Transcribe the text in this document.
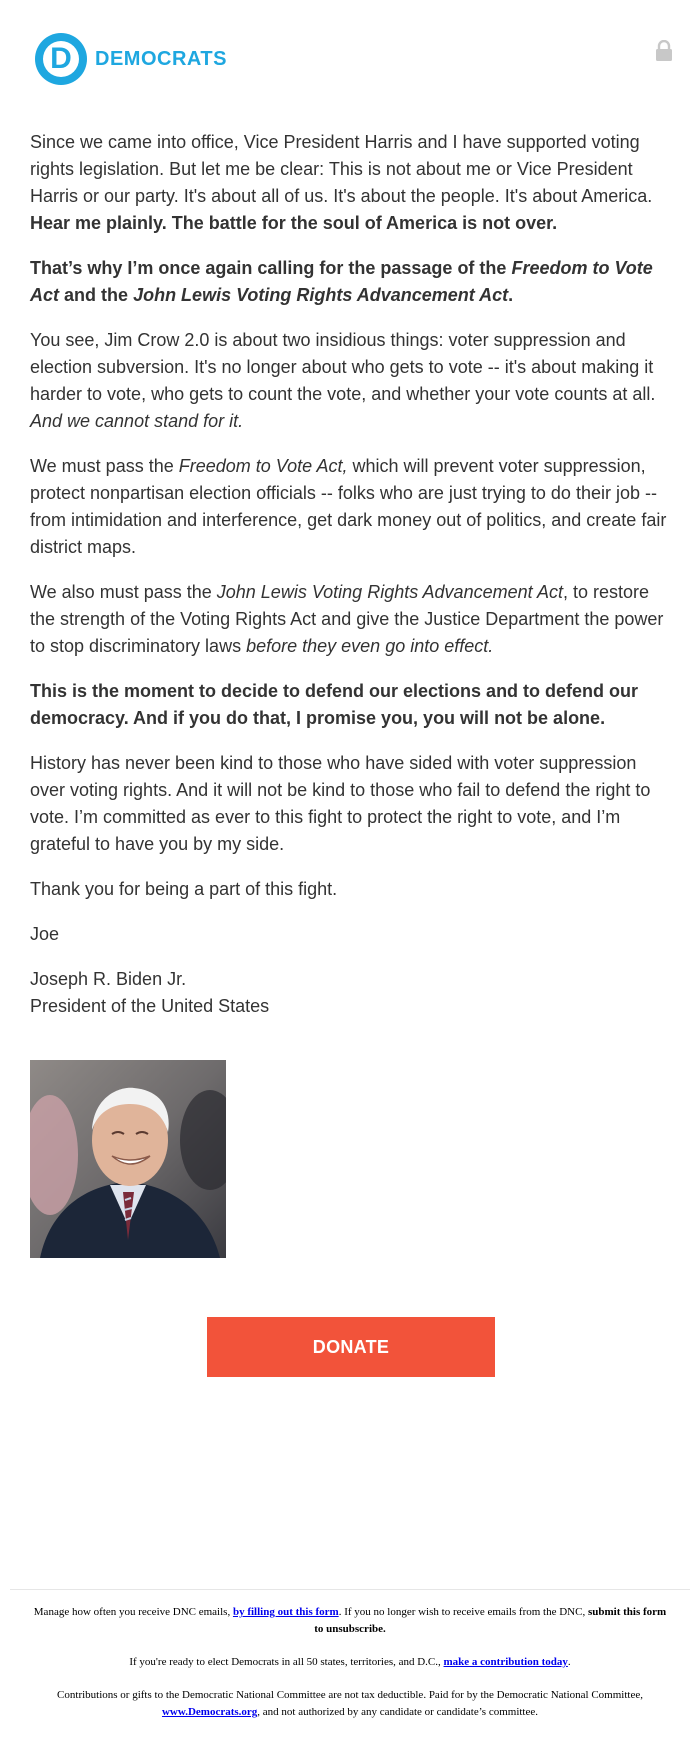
D	DEMOCRATS

Since we came into office, Vice President Harris and I have supported voting rights legislation. But let me be clear: This is not about me or Vice President Harris or our party. It's about all of us. It's about the people. It's about America. Hear me plainly. The battle for the soul of America is not over.

That’s why I’m once again calling for the passage of the Freedom to Vote Act and the John Lewis Voting Rights Advancement Act.

You see, Jim Crow 2.0 is about two insidious things: voter suppression and election subversion. It's no longer about who gets to vote -- it's about making it harder to vote, who gets to count the vote, and whether your vote counts at all. And we cannot stand for it.

We must pass the Freedom to Vote Act, which will prevent voter suppression, protect nonpartisan election officials -- folks who are just trying to do their job -- from intimidation and interference, get dark money out of politics, and create fair district maps.

We also must pass the John Lewis Voting Rights Advancement Act, to restore the strength of the Voting Rights Act and give the Justice Department the power to stop discriminatory laws before they even go into effect.

This is the moment to decide to defend our elections and to defend our democracy. And if you do that, I promise you, you will not be alone.

History has never been kind to those who have sided with voter suppression over voting rights. And it will not be kind to those who fail to defend the right to vote. I’m committed as ever to this fight to protect the right to vote, and I’m grateful to have you by my side.

Thank you for being a part of this fight.

Joe

Joseph R. Biden Jr.
President of the United States

DONATE

Manage how often you receive DNC emails, by filling out this form. If you no longer wish to receive emails from the DNC, submit this form to unsubscribe.

If you're ready to elect Democrats in all 50 states, territories, and D.C., make a contribution today.

Contributions or gifts to the Democratic National Committee are not tax deductible. Paid for by the Democratic National Committee, www.Democrats.org, and not authorized by any candidate or candidate’s committee.
